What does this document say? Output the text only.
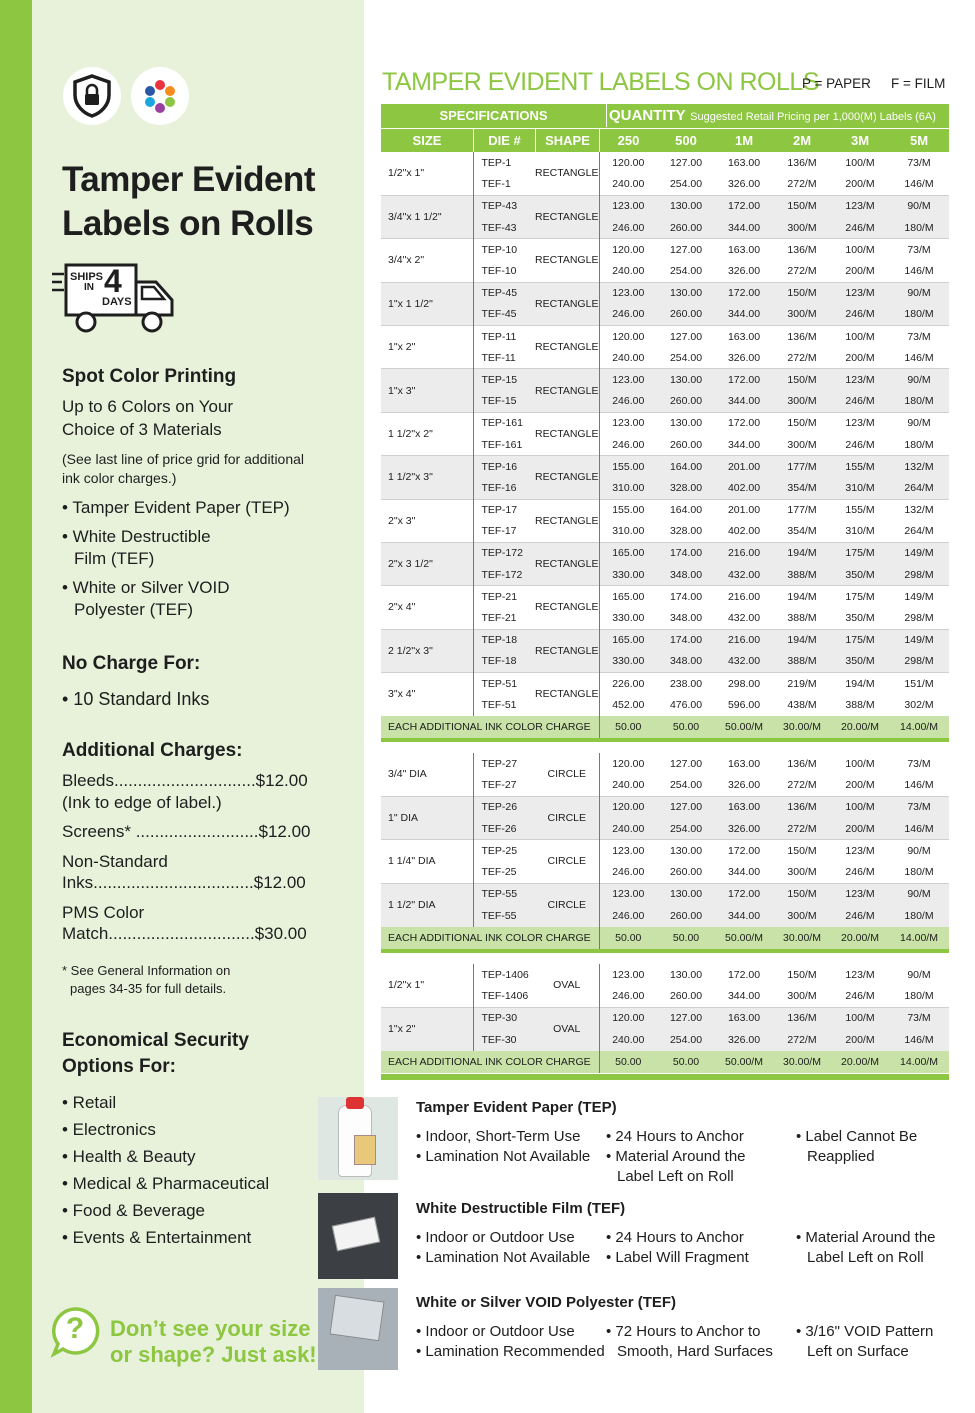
Tamper Evident
Labels on Rolls
SHIPS
IN 4
DAYS
Spot Color Printing
Up to 6 Colors on Your
Choice of 3 Materials
(See last line of price grid for additional
ink color charges.)
• Tamper Evident Paper (TEP)
• White Destructible
Film (TEF)
• White or Silver VOID
Polyester (TEF)
No Charge For:
• 10 Standard Inks
Additional Charges:
Bleeds..............................$12.00
(Ink to edge of label.)
Screens* ..........................$12.00
Non-Standard
Inks..................................$12.00
PMS Color
Match...............................$30.00
* See General Information on
pages 34-35 for full details.
Economical Security
Options For:
• Retail
• Electronics
• Health & Beauty
• Medical & Pharmaceutical
• Food & Beverage
• Events & Entertainment
?	Don’t see your size
or shape? Just ask!
TAMPER EVIDENT LABELS ON ROLLS
P = PAPER F = FILM
SPECIFICATIONS	QUANTITY Suggested Retail Pricing per 1,000(M) Labels (6A)
SIZE	DIE #	SHAPE	250	500	1M	2M	3M	5M
1/2"x 1"	TEP-1	RECTANGLE	120.00	127.00	163.00	136/M	100/M	73/M
	TEF-1		240.00	254.00	326.00	272/M	200/M	146/M
3/4"x 1 1/2"	TEP-43	RECTANGLE	123.00	130.00	172.00	150/M	123/M	90/M
	TEF-43		246.00	260.00	344.00	300/M	246/M	180/M
3/4"x 2"	TEP-10	RECTANGLE	120.00	127.00	163.00	136/M	100/M	73/M
	TEF-10		240.00	254.00	326.00	272/M	200/M	146/M
1"x 1 1/2"	TEP-45	RECTANGLE	123.00	130.00	172.00	150/M	123/M	90/M
	TEF-45		246.00	260.00	344.00	300/M	246/M	180/M
1"x 2"	TEP-11	RECTANGLE	120.00	127.00	163.00	136/M	100/M	73/M
	TEF-11		240.00	254.00	326.00	272/M	200/M	146/M
1"x 3"	TEP-15	RECTANGLE	123.00	130.00	172.00	150/M	123/M	90/M
	TEF-15		246.00	260.00	344.00	300/M	246/M	180/M
1 1/2"x 2"	TEP-161	RECTANGLE	123.00	130.00	172.00	150/M	123/M	90/M
	TEF-161		246.00	260.00	344.00	300/M	246/M	180/M
1 1/2"x 3"	TEP-16	RECTANGLE	155.00	164.00	201.00	177/M	155/M	132/M
	TEF-16		310.00	328.00	402.00	354/M	310/M	264/M
2"x 3"	TEP-17	RECTANGLE	155.00	164.00	201.00	177/M	155/M	132/M
	TEF-17		310.00	328.00	402.00	354/M	310/M	264/M
2"x 3 1/2"	TEP-172	RECTANGLE	165.00	174.00	216.00	194/M	175/M	149/M
	TEF-172		330.00	348.00	432.00	388/M	350/M	298/M
2"x 4"	TEP-21	RECTANGLE	165.00	174.00	216.00	194/M	175/M	149/M
	TEF-21		330.00	348.00	432.00	388/M	350/M	298/M
2 1/2"x 3"	TEP-18	RECTANGLE	165.00	174.00	216.00	194/M	175/M	149/M
	TEF-18		330.00	348.00	432.00	388/M	350/M	298/M
3"x 4"	TEP-51	RECTANGLE	226.00	238.00	298.00	219/M	194/M	151/M
	TEF-51		452.00	476.00	596.00	438/M	388/M	302/M
EACH ADDITIONAL INK COLOR CHARGE			50.00	50.00	50.00/M	30.00/M	20.00/M	14.00/M
3/4" DIA	TEP-27	CIRCLE	120.00	127.00	163.00	136/M	100/M	73/M
	TEF-27		240.00	254.00	326.00	272/M	200/M	146/M
1" DIA	TEP-26	CIRCLE	120.00	127.00	163.00	136/M	100/M	73/M
	TEF-26		240.00	254.00	326.00	272/M	200/M	146/M
1 1/4" DIA	TEP-25	CIRCLE	123.00	130.00	172.00	150/M	123/M	90/M
	TEF-25		246.00	260.00	344.00	300/M	246/M	180/M
1 1/2" DIA	TEP-55	CIRCLE	123.00	130.00	172.00	150/M	123/M	90/M
	TEF-55		246.00	260.00	344.00	300/M	246/M	180/M
EACH ADDITIONAL INK COLOR CHARGE			50.00	50.00	50.00/M	30.00/M	20.00/M	14.00/M
1/2"x 1"	TEP-1406	OVAL	123.00	130.00	172.00	150/M	123/M	90/M
	TEF-1406		246.00	260.00	344.00	300/M	246/M	180/M
1"x 2"	TEP-30	OVAL	120.00	127.00	163.00	136/M	100/M	73/M
	TEF-30		240.00	254.00	326.00	272/M	200/M	146/M
EACH ADDITIONAL INK COLOR CHARGE			50.00	50.00	50.00/M	30.00/M	20.00/M	14.00/M
Tamper Evident Paper (TEP)
• Indoor, Short-Term Use
• Lamination Not Available
• 24 Hours to Anchor
• Material Around the
Label Left on Roll
• Label Cannot Be
Reapplied
White Destructible Film (TEF)
• Indoor or Outdoor Use
• Lamination Not Available
• 24 Hours to Anchor
• Label Will Fragment
• Material Around the
Label Left on Roll
White or Silver VOID Polyester (TEF)
• Indoor or Outdoor Use
• Lamination Recommended
• 72 Hours to Anchor to
Smooth, Hard Surfaces
• 3/16" VOID Pattern
Left on Surface
